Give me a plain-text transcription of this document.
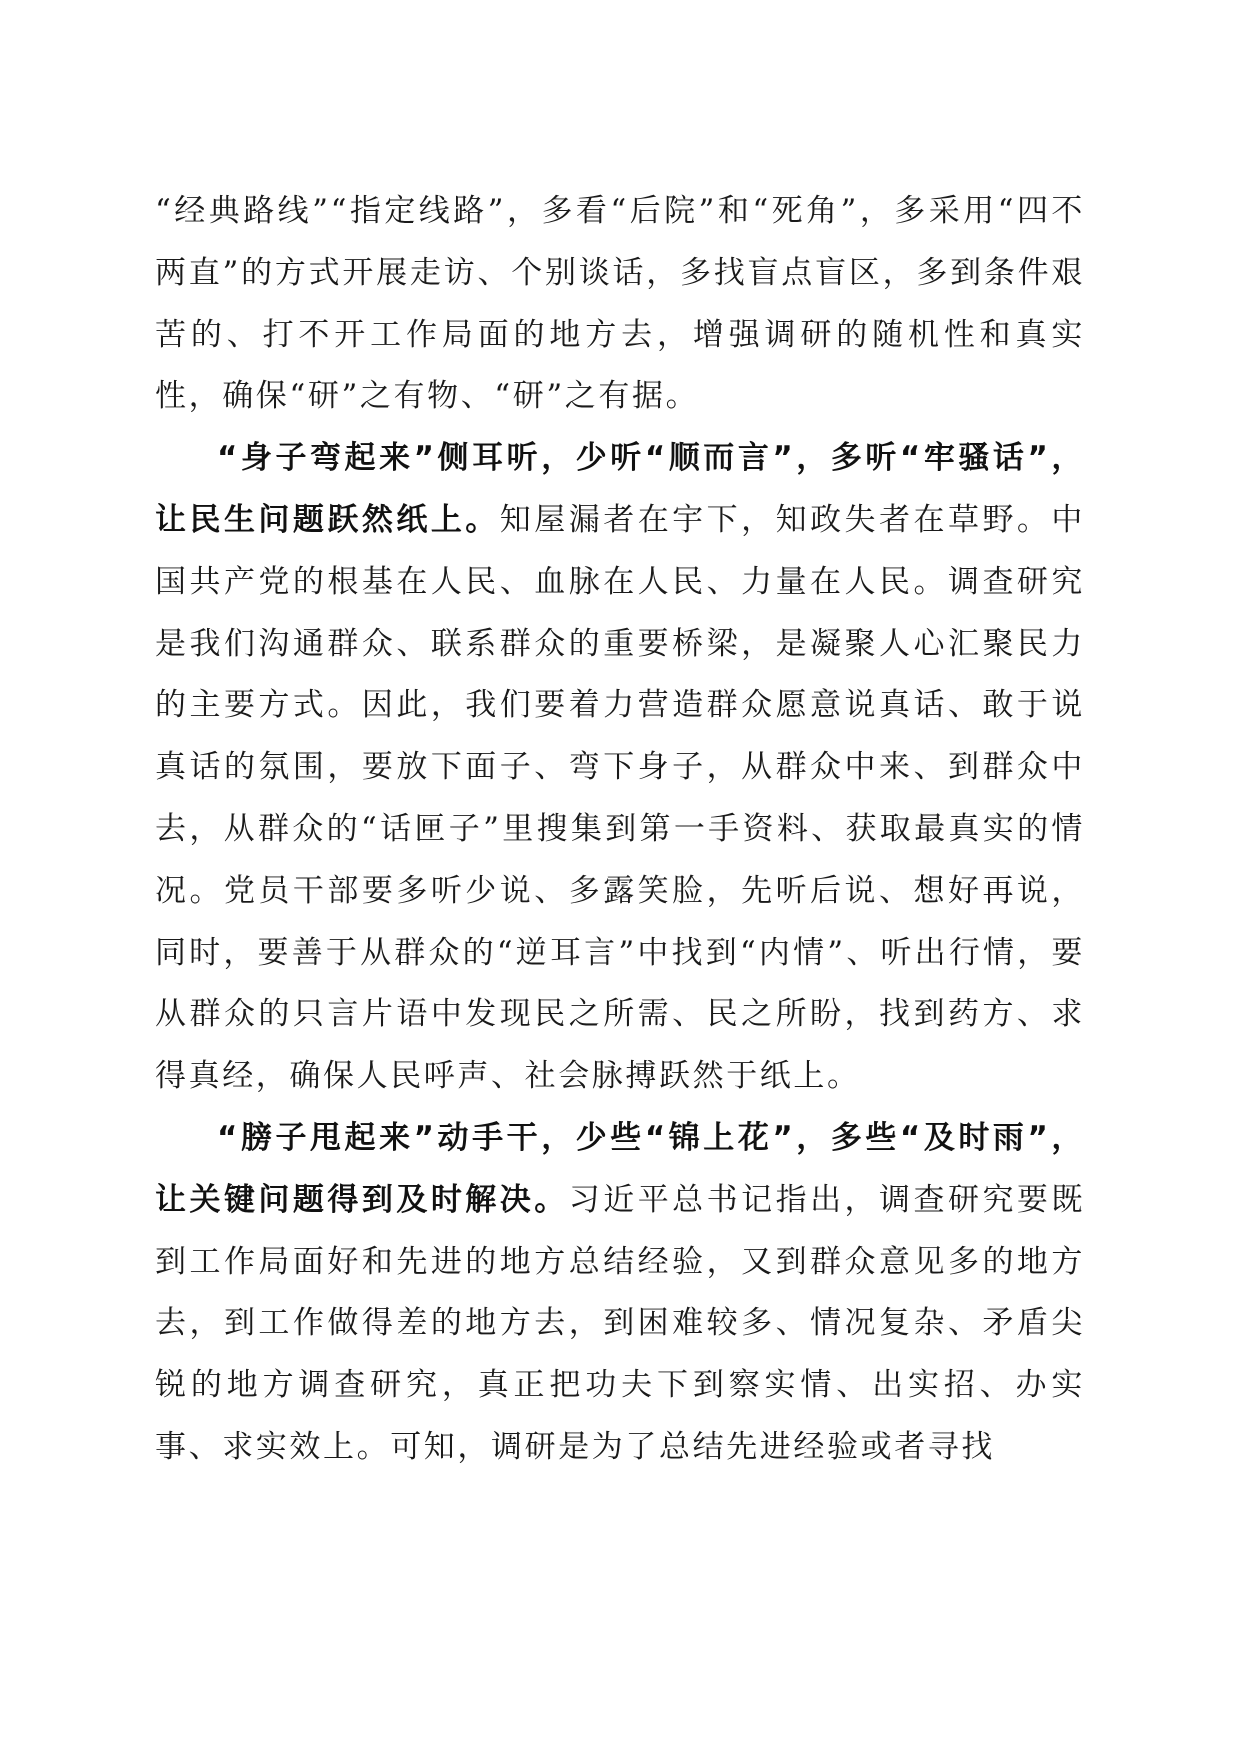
“经典路线”“指定线路”，多看“后院”和“死角”，多采用“四不两直”的方式开展走访、个别谈话，多找盲点盲区，多到条件艰苦的、打不开工作局面的地方去，增强调研的随机性和真实性，确保“研”之有物、“研”之有据。

“身子弯起来”侧耳听，少听“顺而言”，多听“牢骚话”，让民生问题跃然纸上。知屋漏者在宇下，知政失者在草野。中国共产党的根基在人民、血脉在人民、力量在人民。调查研究是我们沟通群众、联系群众的重要桥梁，是凝聚人心汇聚民力的主要方式。因此，我们要着力营造群众愿意说真话、敢于说真话的氛围，要放下面子、弯下身子，从群众中来、到群众中去，从群众的“话匣子”里搜集到第一手资料、获取最真实的情况。党员干部要多听少说、多露笑脸，先听后说、想好再说，同时，要善于从群众的“逆耳言”中找到“内情”、听出行情，要从群众的只言片语中发现民之所需、民之所盼，找到药方、求得真经，确保人民呼声、社会脉搏跃然于纸上。

“膀子甩起来”动手干，少些“锦上花”，多些“及时雨”，让关键问题得到及时解决。习近平总书记指出，调查研究要既到工作局面好和先进的地方总结经验，又到群众意见多的地方去，到工作做得差的地方去，到困难较多、情况复杂、矛盾尖锐的地方调查研究，真正把功夫下到察实情、出实招、办实事、求实效上。可知，调研是为了总结先进经验或者寻找
